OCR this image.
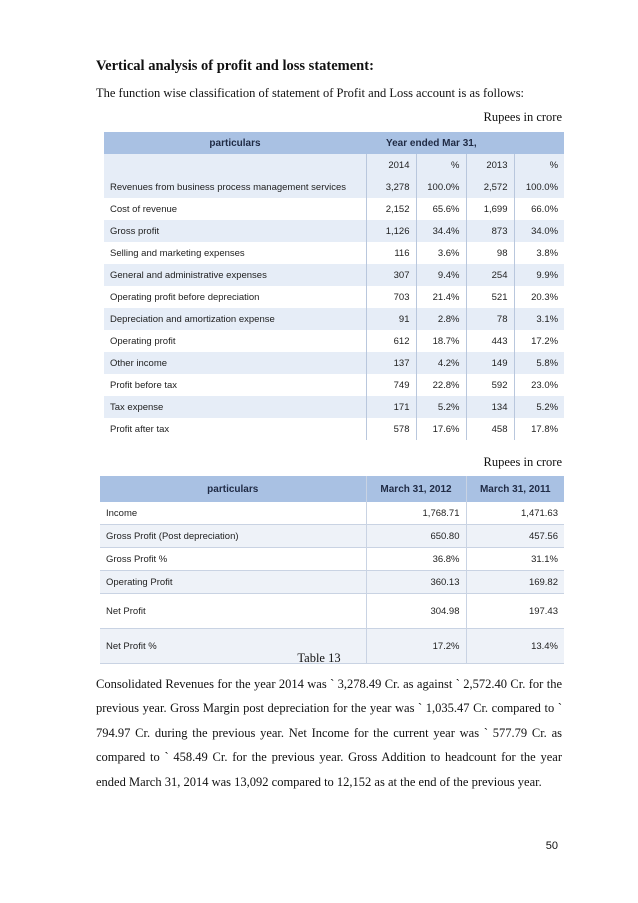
Vertical analysis of profit and loss statement:
The function wise classification of statement of Profit and Loss account is as follows:
Rupees in crore
particulars	Year ended Mar 31,			
	2014	%	2013	%
Revenues from business process management services	3,278	100.0%	2,572	100.0%
Cost of revenue	2,152	65.6%	1,699	66.0%
Gross profit	1,126	34.4%	873	34.0%
Selling and marketing expenses	116	3.6%	98	3.8%
General and administrative expenses	307	9.4%	254	9.9%
Operating profit before depreciation	703	21.4%	521	20.3%
Depreciation and amortization expense	91	2.8%	78	3.1%
Operating profit	612	18.7%	443	17.2%
Other income	137	4.2%	149	5.8%
Profit before tax	749	22.8%	592	23.0%
Tax expense	171	5.2%	134	5.2%
Profit after tax	578	17.6%	458	17.8%
Rupees in crore
particulars	March 31, 2012	March 31, 2011
Income	1,768.71	1,471.63
Gross Profit (Post depreciation)	650.80	457.56
Gross Profit %	36.8%	31.1%
Operating Profit	360.13	169.82
Net Profit	304.98	197.43
Net Profit %	17.2%	13.4%
Table 13
Consolidated Revenues for the year 2014 was ` 3,278.49 Cr. as against ` 2,572.40 Cr. for the previous year. Gross Margin post depreciation for the year was ` 1,035.47 Cr. compared to ` 794.97 Cr. during the previous year. Net Income for the current year was ` 577.79 Cr. as compared to ` 458.49 Cr. for the previous year. Gross Addition to headcount for the year ended March 31, 2014 was 13,092 compared to 12,152 as at the end of the previous year.
50
